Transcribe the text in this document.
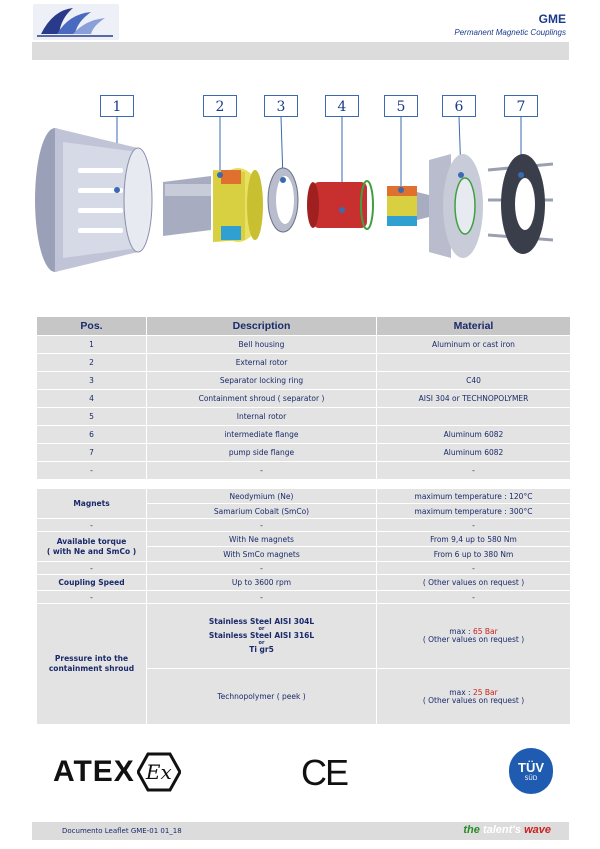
GME
Permanent Magnetic Couplings
1	2	3	4	5	6	7
Pos.	Description	Material
1	Bell housing	Aluminum or cast iron
2	External rotor	
3	Separator locking ring	C40
4	Containment shroud ( separator )	AISI 304 or TECHNOPOLYMER
5	Internal rotor	
6	intermediate flange	Aluminum 6082
7	pump side flange	Aluminum 6082
-	-	-
Magnets	Neodymium (Ne)	maximum temperature : 120°C
	Samarium Cobalt (SmCo)	maximum temperature : 300°C
-	-	-
Available torque
( with Ne and SmCo )	With Ne magnets	From 9,4 up to 580 Nm
	With SmCo magnets	From 6 up to 380 Nm
-	-	-
Coupling Speed	Up to 3600 rpm	( Other values on request )
-	-	-
Pressure into the
containment shroud	Stainless Steel AISI 304L
or
Stainless Steel AISI 316L
or
Ti gr5	max : 65 Bar
( Other values on request )
	Technopolymer ( peek )	max : 25 Bar
( Other values on request )
ATEX Ex	CE	TÜV
SÜD
Documento Leaflet GME-01 01_18	the talent's wave
